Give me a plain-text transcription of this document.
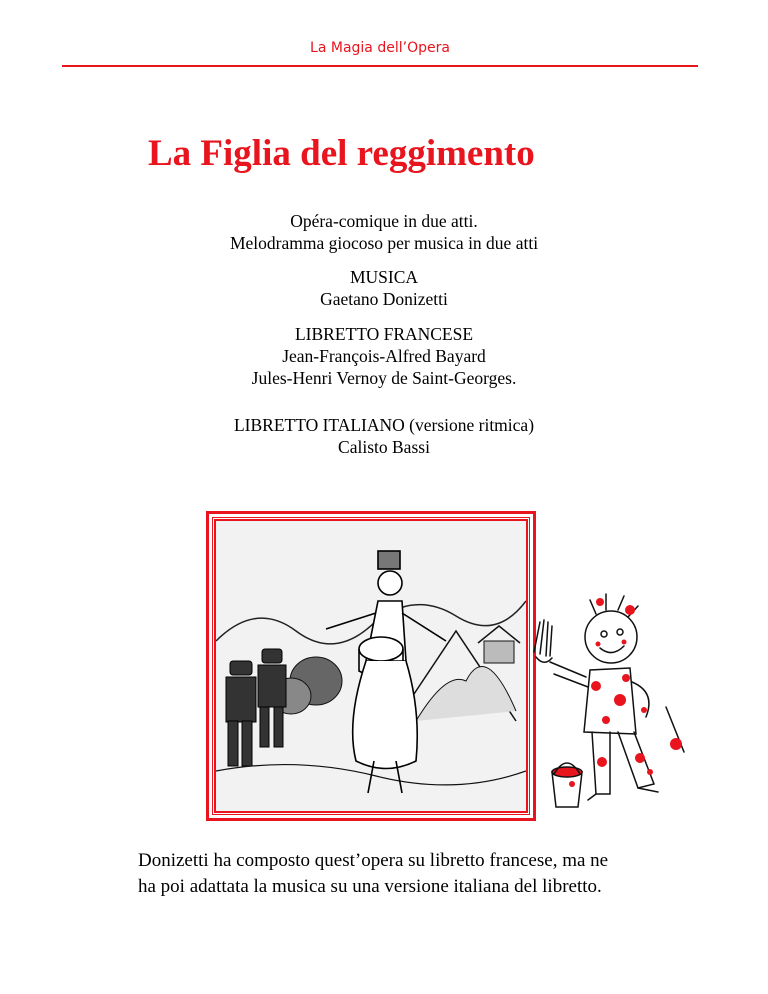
La Magia dell’Opera
La Figlia del reggimento
Opéra-comique in due atti.
Melodramma giocoso per musica in due atti
MUSICA
Gaetano Donizetti
LIBRETTO FRANCESE
Jean-François-Alfred Bayard
Jules-Henri Vernoy de Saint-Georges.
LIBRETTO ITALIANO (versione ritmica)
Calisto Bassi
Donizetti ha composto quest’opera su libretto francese, ma ne
ha poi adattata la musica su una versione italiana del libretto.
